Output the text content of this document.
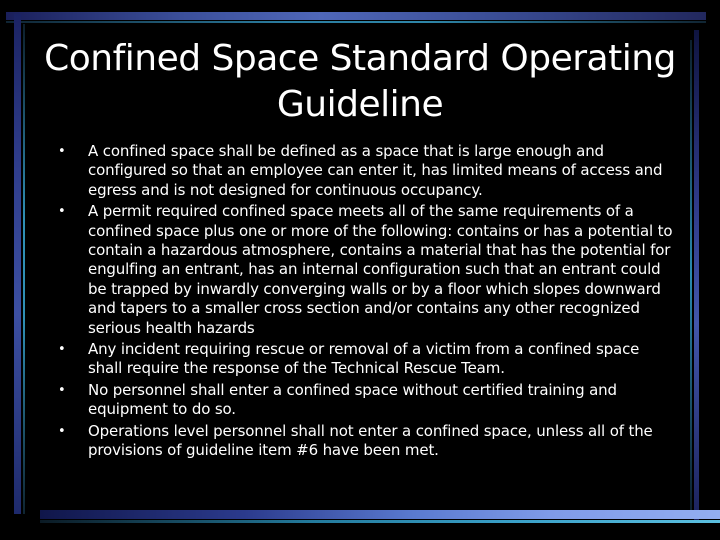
Confined Space Standard Operating Guideline
• A confined space shall be defined as a space that is large enough and configured so that an employee can enter it, has limited means of access and egress and is not designed for continuous occupancy.
• A permit required confined space meets all of the same requirements of a confined space plus one or more of the following: contains or has a potential to contain a hazardous atmosphere, contains a material that has the potential for engulfing an entrant, has an internal configuration such that an entrant could be trapped by inwardly converging walls or by a floor which slopes downward and tapers to a smaller cross section and/or contains any other recognized serious health hazards
• Any incident requiring rescue or removal of a victim from a confined space shall require the response of the Technical Rescue Team.
• No personnel shall enter a confined space without certified training and equipment to do so.
• Operations level personnel shall not enter a confined space, unless all of the provisions of guideline item #6 have been met.
